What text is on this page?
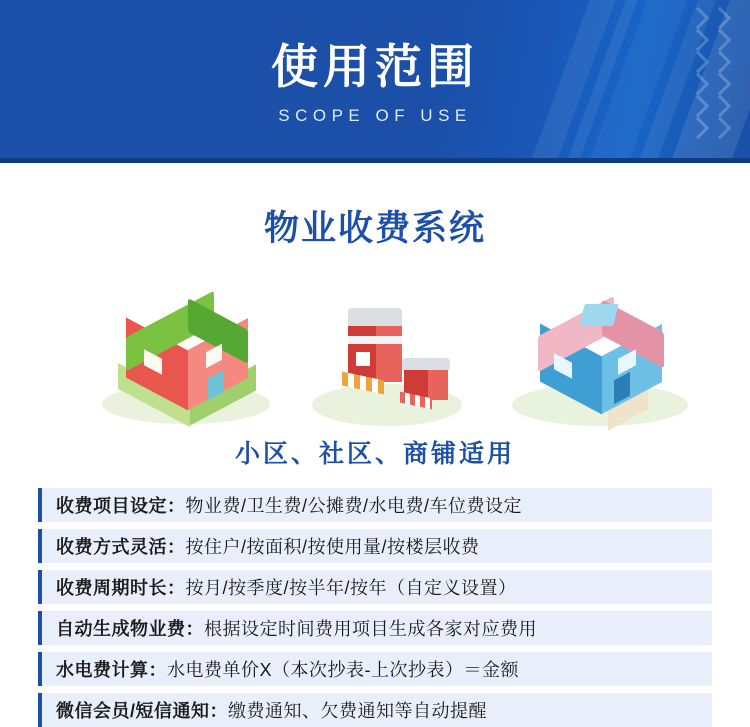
使用范围
SCOPE OF USE
物业收费系统
小区、社区、商铺适用
收费项目设定：物业费/卫生费/公摊费/水电费/车位费设定
收费方式灵活：按住户/按面积/按使用量/按楼层收费
收费周期时长：按月/按季度/按半年/按年（自定义设置）
自动生成物业费：根据设定时间费用项目生成各家对应费用
水电费计算：水电费单价X（本次抄表-上次抄表）＝金额
微信会员/短信通知：缴费通知、欠费通知等自动提醒
